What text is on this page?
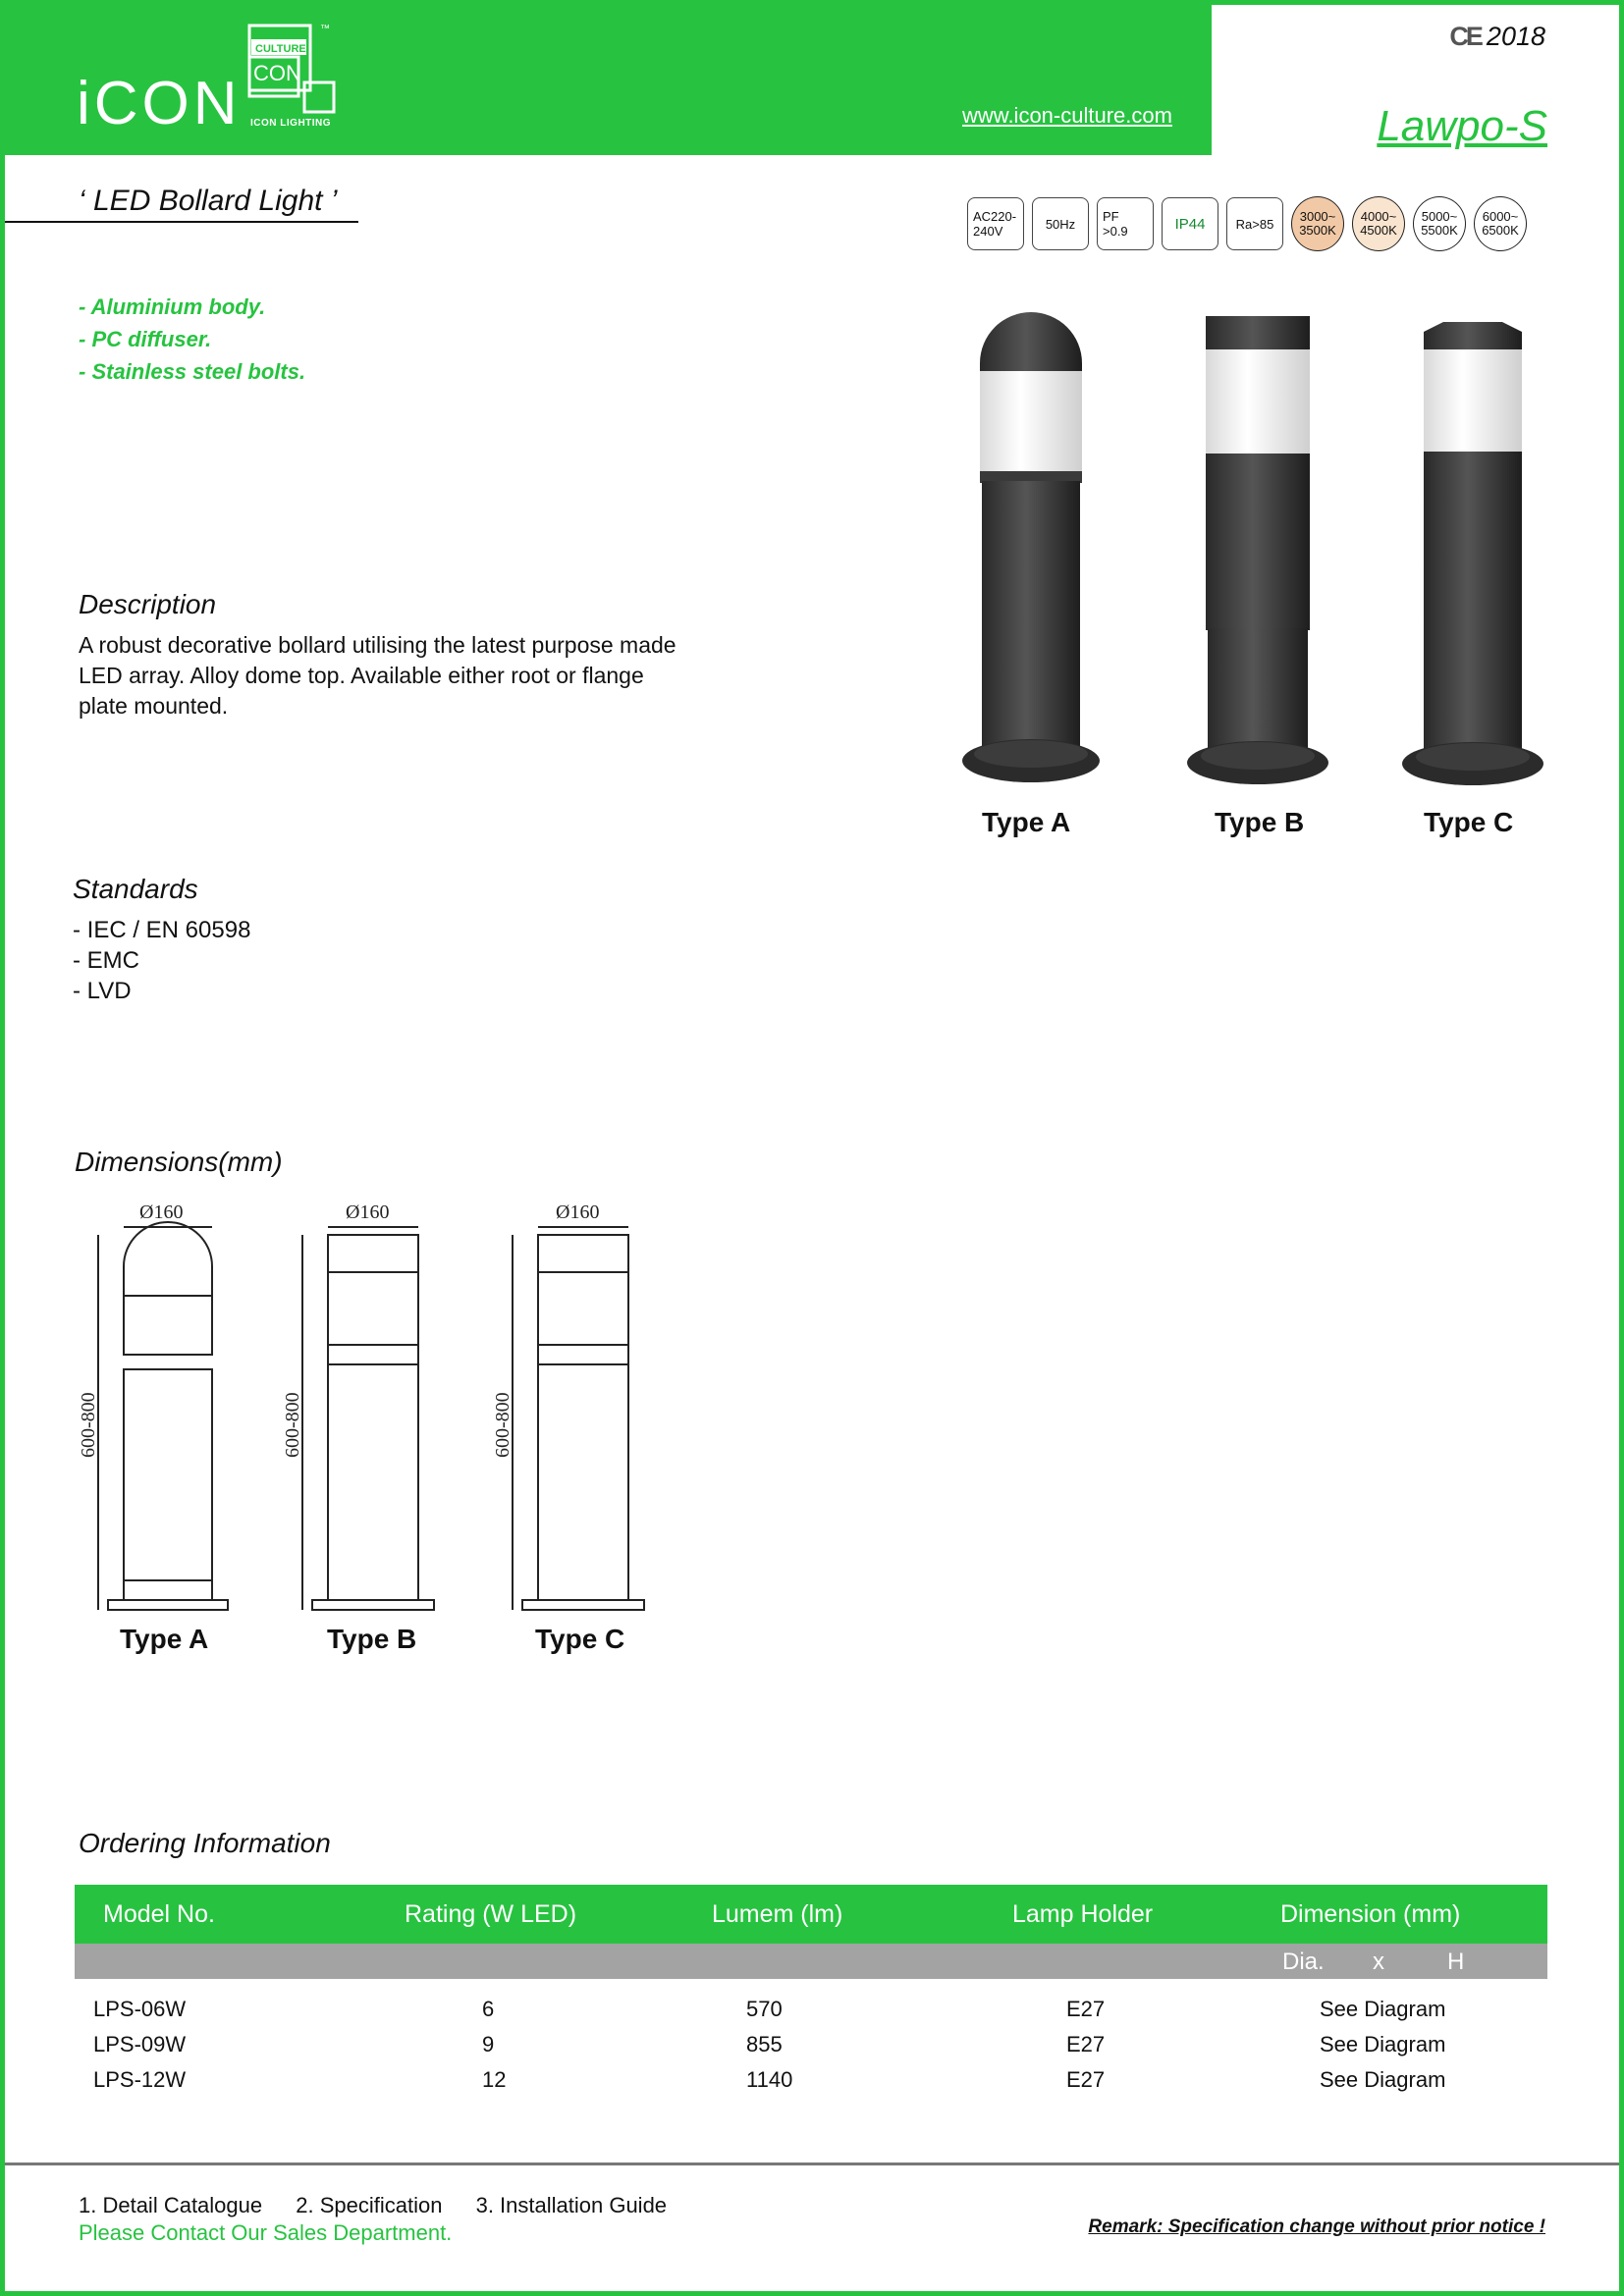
iCON
CULTURE
CON
™
ICON LIGHTING	www.icon-culture.com
CE 2018
Lawpo-S
‘ LED Bollard Light ’	AC220-
240V	50Hz	PF
>0.9	IP44	Ra>85	3000~
3500K
4000~
4500K
5000~
5500K
6000~
6500K
- Aluminium body.
- PC diffuser.
- Stainless steel bolts.
Type A	Type B	Type C
Description
A robust decorative bollard utilising the latest purpose made LED array. Alloy dome top. Available either root or flange plate mounted.
Standards
- IEC / EN 60598
- EMC
- LVD
Dimensions(mm)
Ø160
600-800
Ø160
600-800
Ø160
600-800
Type A	Type B	Type C
Ordering Information
Model No.	Rating (W LED)	Lumem (lm)	Lamp Holder	Dimension (mm)
Dia. x	H
LPS-06W	6	570	E27	See Diagram
LPS-09W	9	855	E27	See Diagram
LPS-12W	12	1140	E27	See Diagram
1. Detail Catalogue 2. Specification 3. Installation Guide
Please Contact Our Sales Department.	Remark: Specification change without prior notice !
